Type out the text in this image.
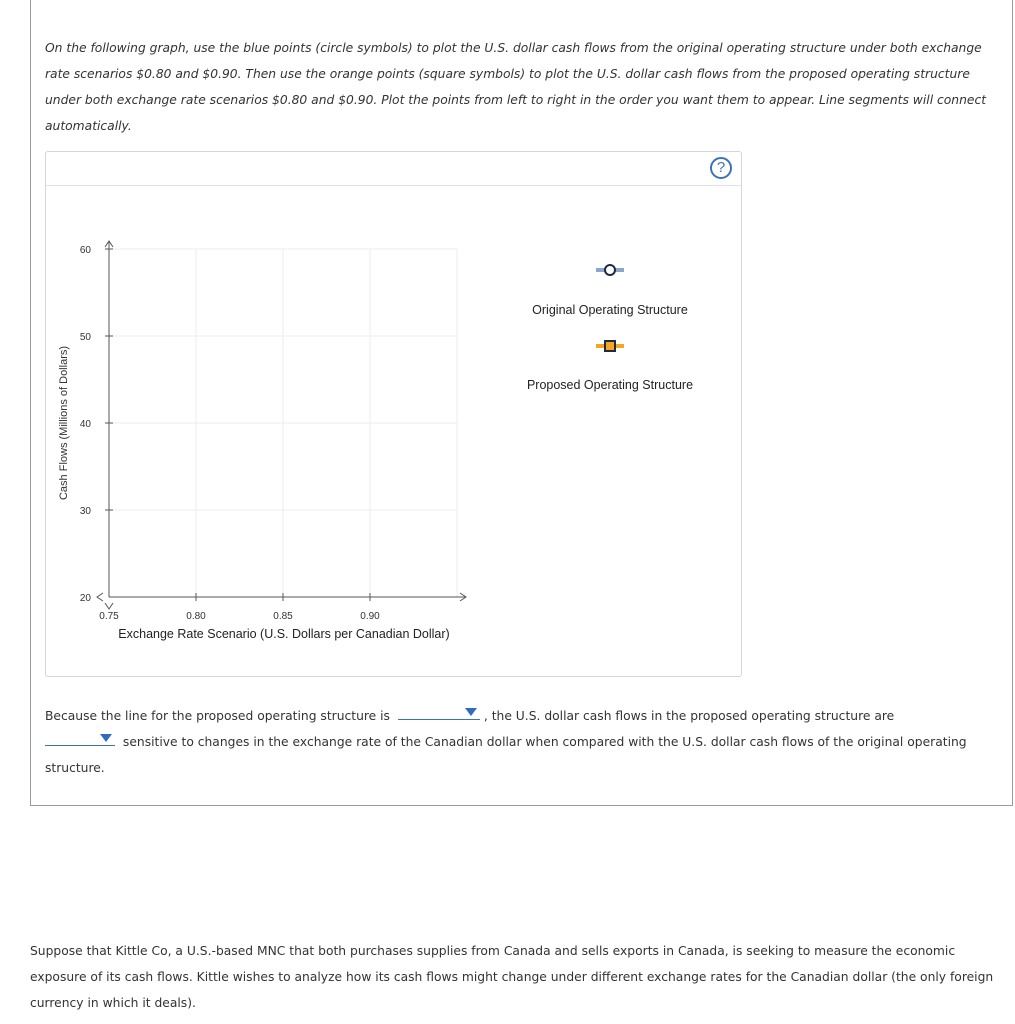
On the following graph, use the blue points (circle symbols) to plot the U.S. dollar cash flows from the original operating structure under both exchange rate scenarios $0.80 and $0.90. Then use the orange points (square symbols) to plot the U.S. dollar cash flows from the proposed operating structure under both exchange rate scenarios $0.80 and $0.90. Plot the points from left to right in the order you want them to appear. Line segments will connect automatically.

?
60
50
40
30
20
0.75	0.80	0.85	0.90
Exchange Rate Scenario (U.S. Dollars per Canadian Dollar)
Cash Flows (Millions of Dollars)
Original Operating Structure
Proposed Operating Structure

Because the line for the proposed operating structure is	, the U.S. dollar cash flows in the proposed operating structure are

sensitive to changes in the exchange rate of the Canadian dollar when compared with the U.S. dollar cash flows of the original operating structure.

Suppose that Kittle Co, a U.S.-based MNC that both purchases supplies from Canada and sells exports in Canada, is seeking to measure the economic exposure of its cash flows. Kittle wishes to analyze how its cash flows might change under different exchange rates for the Canadian dollar (the only foreign currency in which it deals).
